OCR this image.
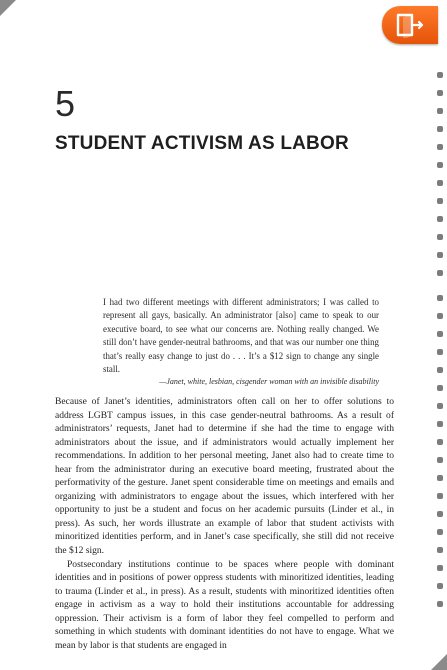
5
STUDENT ACTIVISM AS LABOR

I had two different meetings with different administrators; I was called to represent all gays, basically. An administrator [also] came to speak to our executive board, to see what our concerns are. Nothing really changed. We still don’t have gender-neutral bathrooms, and that was our number one thing that’s really easy change to just do . . . It’s a $12 sign to change any single stall.

—Janet, white, lesbian, cisgender woman with an invisible disability

Because of Janet’s identities, administrators often call on her to offer solutions to address LGBT campus issues, in this case gender-neutral bathrooms. As a result of administrators’ requests, Janet had to determine if she had the time to engage with administrators about the issue, and if administrators would actually implement her recommendations. In addition to her personal meeting, Janet also had to create time to hear from the administrator during an executive board meeting, frustrated about the performativity of the gesture. Janet spent considerable time on meetings and emails and organizing with administrators to engage about the issues, which interfered with her opportunity to just be a student and focus on her academic pursuits (Linder et al., in press). As such, her words illustrate an example of labor that student activists with minoritized identities perform, and in Janet’s case specifically, she still did not receive the $12 sign.

Postsecondary institutions continue to be spaces where people with dominant identities and in positions of power oppress students with minoritized identities, leading to trauma (Linder et al., in press). As a result, students with minoritized identities often engage in activism as a way to hold their institutions accountable for addressing oppression. Their activism is a form of labor they feel compelled to perform and something in which students with dominant identities do not have to engage. What we mean by labor is that students are engaged in
